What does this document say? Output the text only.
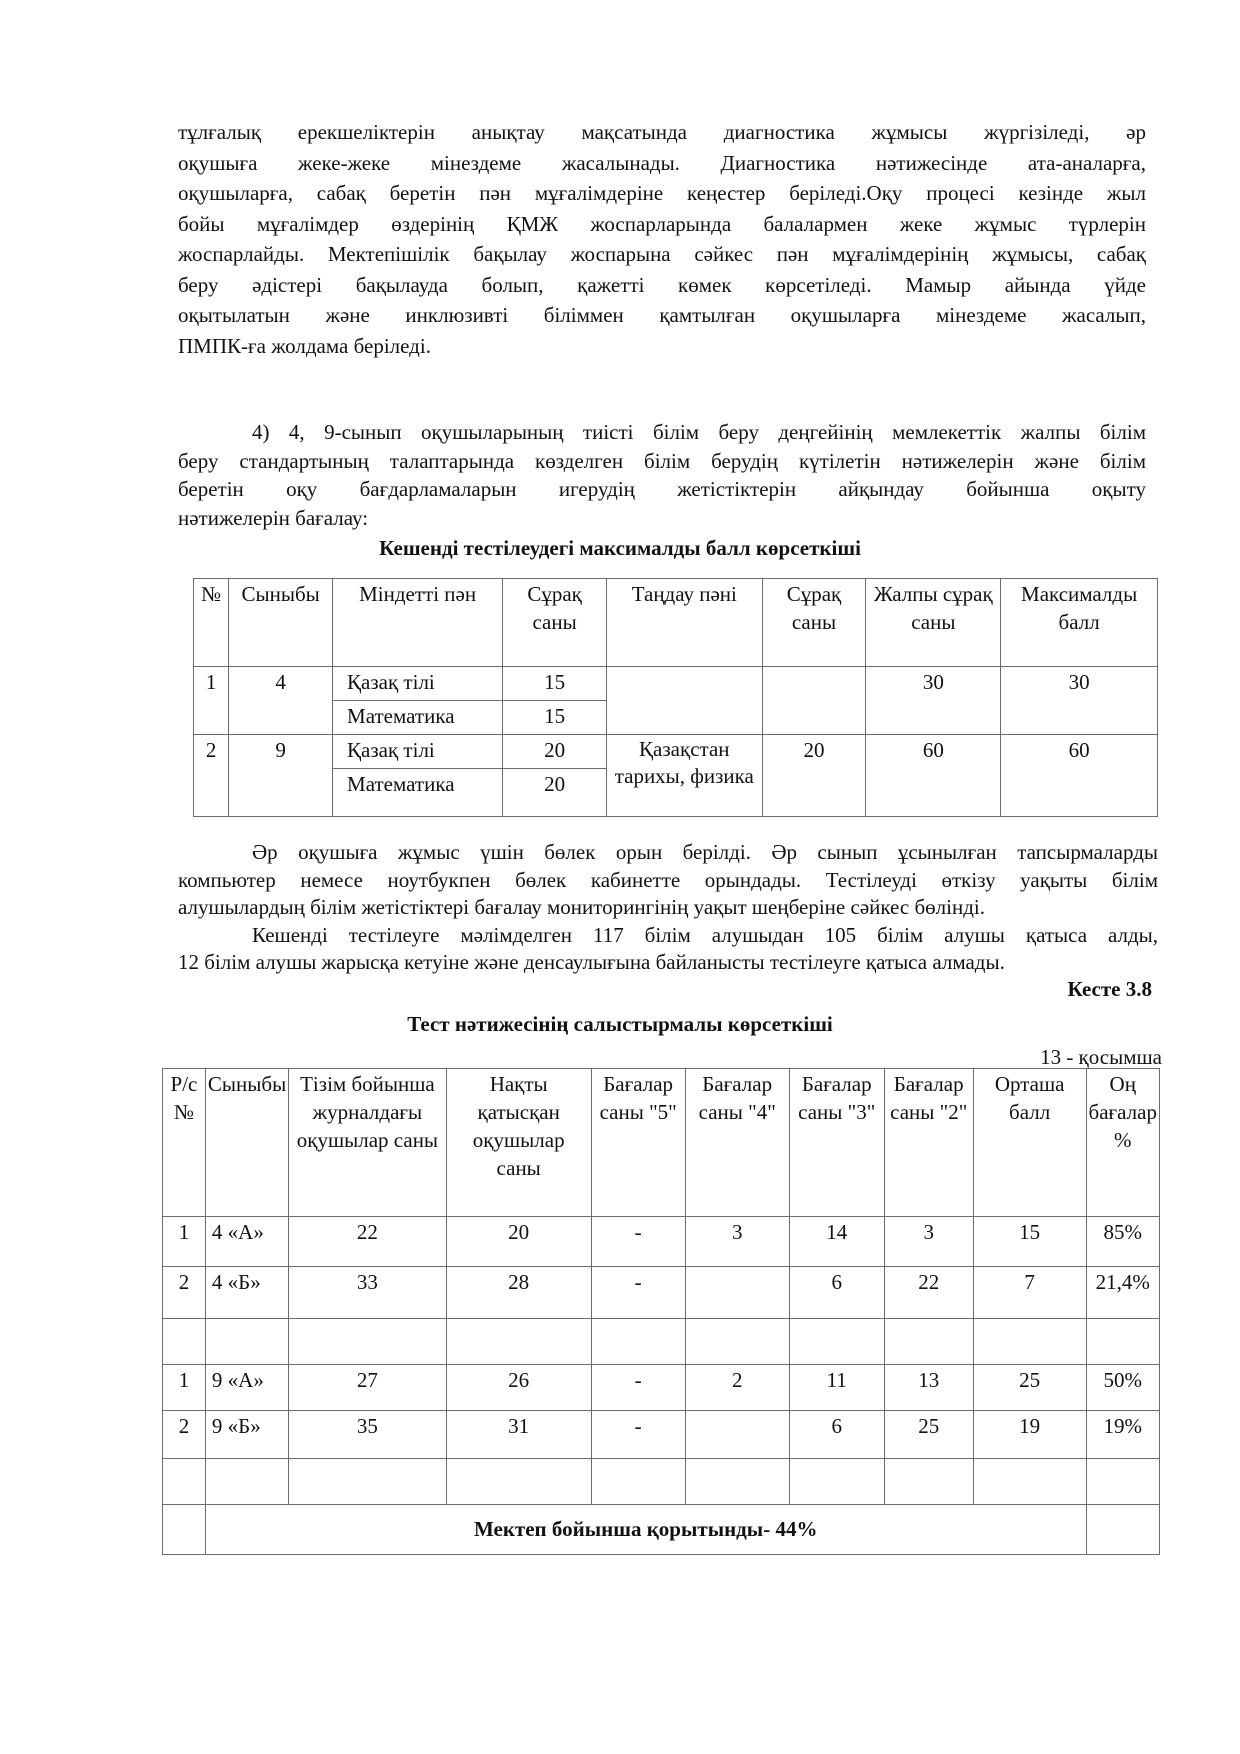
тұлғалық ерекшеліктерін анықтау мақсатында диагностика жұмысы жүргізіледі, әр
оқушыға жеке-жеке мінездеме жасалынады. Диагностика нәтижесінде ата-аналарға,
оқушыларға, сабақ беретін пән мұғалімдеріне кеңестер беріледі.Оқу процесі кезінде жыл
бойы мұғалімдер өздерінің ҚМЖ жоспарларында балалармен жеке жұмыс түрлерін
жоспарлайды. Мектепішілік бақылау жоспарына сәйкес пән мұғалімдерінің жұмысы, сабақ
беру әдістері бақылауда болып, қажетті көмек көрсетіледі. Мамыр айында үйде
оқытылатын және инклюзивті біліммен қамтылған оқушыларға мінездеме жасалып,
ПМПК-ға жолдама беріледі.
4) 4, 9-сынып оқушыларының тиісті білім беру деңгейінің мемлекеттік жалпы білім
беру стандартының талаптарында көзделген білім берудің күтілетін нәтижелерін және білім
беретін оқу бағдарламаларын игерудің жетістіктерін айқындау бойынша оқыту
нәтижелерін бағалау:
Кешенді тестілеудегі максималды балл көрсеткіші
№	Сыныбы	Міндетті пән	Сұрақ саны	Таңдау пәні	Сұрақ саны	Жалпы сұрақ саны	Максималды балл
1	4	Қазақ тілі	15			30	30
		Математика	15				
2	9	Қазақ тілі	20	Қазақстан тарихы, физика	20	60	60
		Математика	20				
Әр оқушыға жұмыс үшін бөлек орын берілді. Әр сынып ұсынылған тапсырмаларды
компьютер немесе ноутбукпен бөлек кабинетте орындады. Тестілеуді өткізу уақыты білім
алушылардың білім жетістіктері бағалау мониторингінің уақыт шеңберіне сәйкес бөлінді.
Кешенді тестілеуге мәлімделген 117 білім алушыдан 105 білім алушы қатыса алды,
12 білім алушы жарысқа кетуіне және денсаулығына байланысты тестілеуге қатыса алмады.
Кесте 3.8
Тест нәтижесінің салыстырмалы көрсеткіші
13 - қосымша
Р/с №	Сыныбы	Тізім бойынша журналдағы оқушылар саны	Нақты қатысқан оқушылар саны	Бағалар саны "5"	Бағалар саны "4"	Бағалар саны "3"	Бағалар саны "2"	Орташа балл	Оң бағалар %
1	4 «А»	22	20	-	3	14	3	15	85%
2	4 «Б»	33	28	-		6	22	7	21,4%

1	9 «А»	27	26	-	2	11	13	25	50%
2	9 «Б»	35	31	-		6	25	19	19%

	Мектеп бойынша қорытынды- 44%								
